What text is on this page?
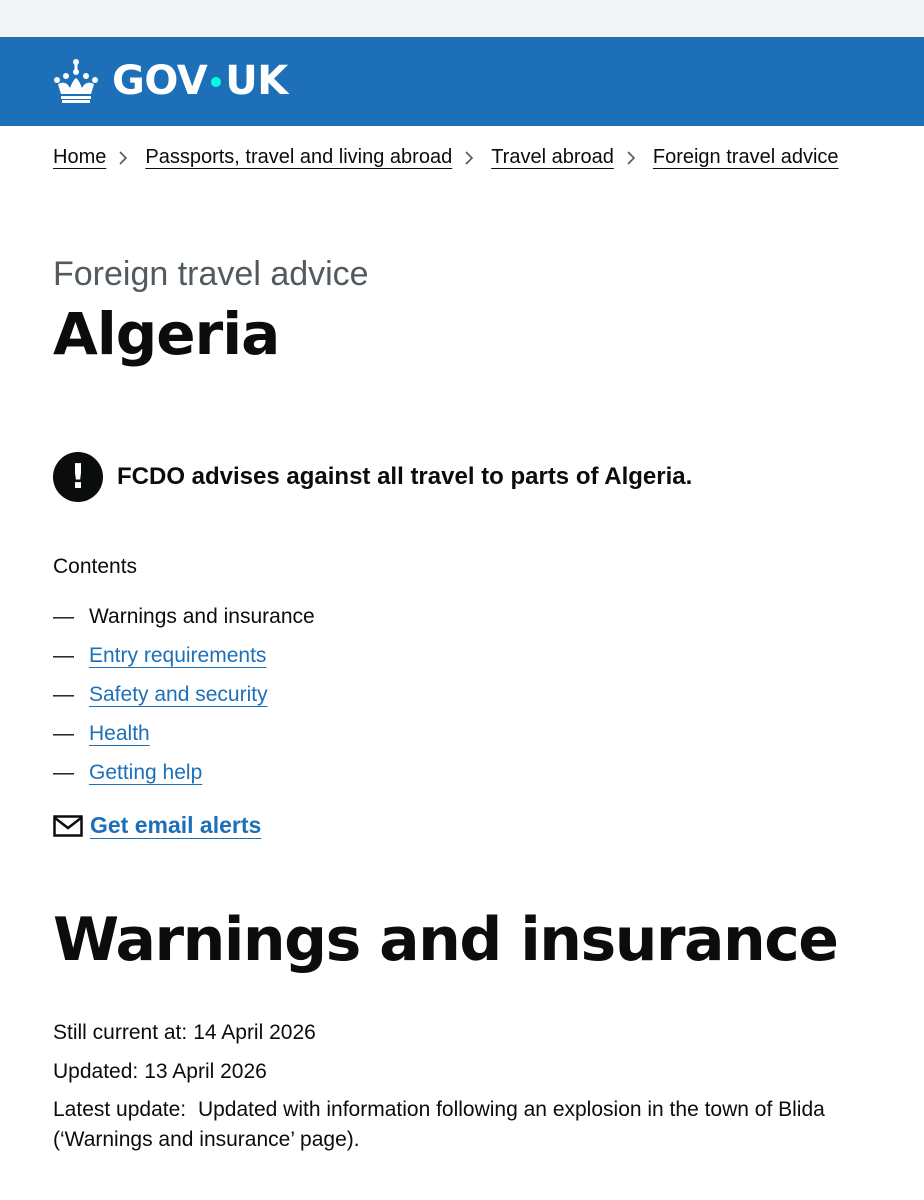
GOV UK
Home Passports, travel and living abroad Travel abroad Foreign travel advice
Foreign travel advice
Algeria
!	FCDO advises against all travel to parts of Algeria.
Contents
— Warnings and insurance
— Entry requirements
— Safety and security
— Health
— Getting help
Get email alerts
Warnings and insurance
Still current at: 14 April 2026
Updated: 13 April 2026
Latest update: Updated with information following an explosion in the town of Blida (‘Warnings and insurance’ page).
